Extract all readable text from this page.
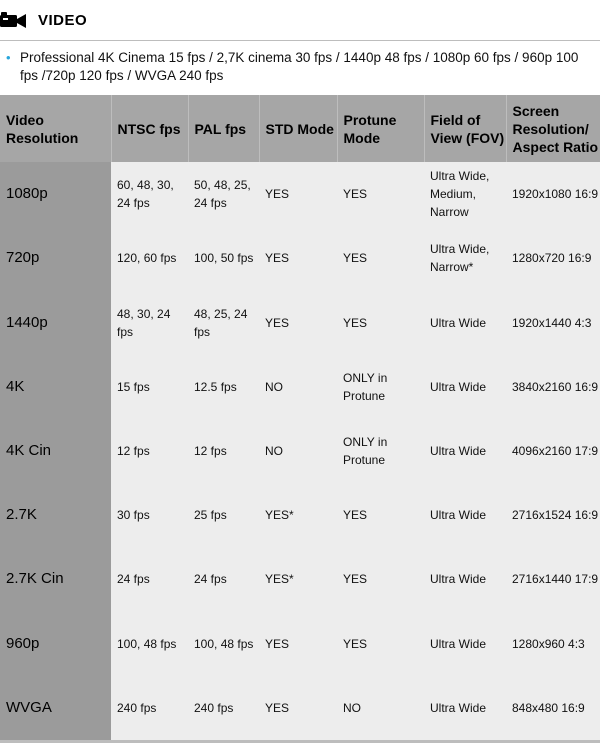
VIDEO
• Professional 4K Cinema 15 fps / 2,7K cinema 30 fps / 1440p 48 fps / 1080p 60 fps / 960p 100 fps /720p 120 fps / WVGA 240 fps
Video Resolution	NTSC fps	PAL fps	STD Mode	Protune Mode	Field of View (FOV)	Screen Resolution/ Aspect Ratio
1080p	60, 48, 30, 24 fps	50, 48, 25, 24 fps	YES	YES	Ultra Wide, Medium, Narrow	1920x1080 16:9
720p	120, 60 fps	100, 50 fps	YES	YES	Ultra Wide, Narrow*	1280x720 16:9
1440p	48, 30, 24 fps	48, 25, 24 fps	YES	YES	Ultra Wide	1920x1440 4:3
4K	15 fps	12.5 fps	NO	ONLY in Protune	Ultra Wide	3840x2160 16:9
4K Cin	12 fps	12 fps	NO	ONLY in Protune	Ultra Wide	4096x2160 17:9
2.7K	30 fps	25 fps	YES*	YES	Ultra Wide	2716x1524 16:9
2.7K Cin	24 fps	24 fps	YES*	YES	Ultra Wide	2716x1440 17:9
960p	100, 48 fps	100, 48 fps	YES	YES	Ultra Wide	1280x960 4:3
WVGA	240 fps	240 fps	YES	NO	Ultra Wide	848x480 16:9
